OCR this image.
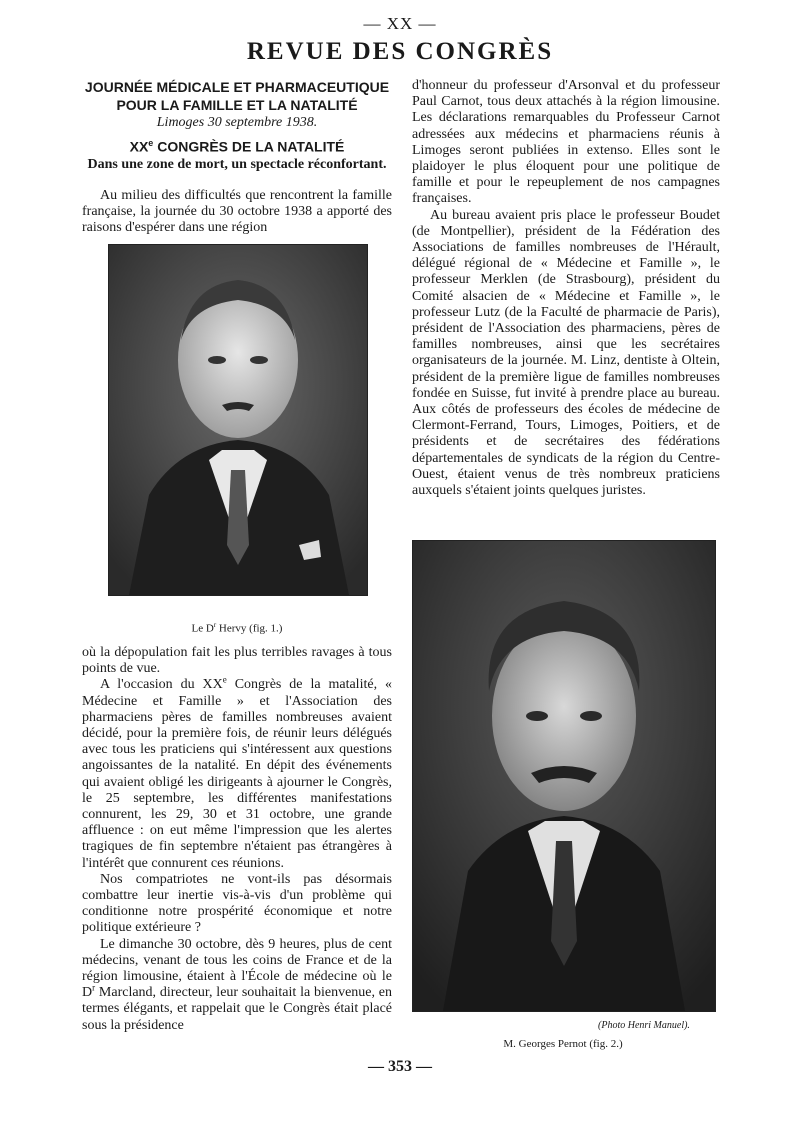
— XX —
REVUE DES CONGRÈS

JOURNÉE MÉDICALE ET PHARMACEUTIQUE

POUR LA FAMILLE ET LA NATALITÉ

Limoges 30 septembre 1938.

XXe CONGRÈS DE LA NATALITÉ

Dans une zone de mort, un spectacle réconfortant.

Au milieu des difficultés que rencontrent la famille française, la journée du 30 octobre 1938 a apporté des raisons d'espérer dans une région

Le $D^r$ Hervy (fig. 1.)

où la dépopulation fait les plus terribles ravages à tous points de vue.

A l'occasion du XXe Congrès de la matalité, « Médecine et Famille » et l'Association des pharmaciens pères de familles nombreuses avaient décidé, pour la première fois, de réunir leurs délégués avec tous les praticiens qui s'intéressent aux questions angoissantes de la natalité. En dépit des événements qui avaient obligé les dirigeants à ajourner le Congrès, le 25 septembre, les différentes manifestations connurent, les 29, 30 et 31 octobre, une grande affluence : on eut même l'impression que les alertes tragiques de fin septembre n'étaient pas étrangères à l'intérêt que connurent ces réunions.

Nos compatriotes ne vont-ils pas désormais combattre leur inertie vis-à-vis d'un problème qui conditionne notre prospérité économique et notre politique extérieure ?

Le dimanche 30 octobre, dès 9 heures, plus de cent médecins, venant de tous les coins de France et de la région limousine, étaient à l'École de médecine où le $D^r$ Marcland, directeur, leur souhaitait la bienvenue, en termes élégants, et rappelait que le Congrès était placé sous la présidence

d'honneur du professeur d'Arsonval et du professeur Paul Carnot, tous deux attachés à la région limousine. Les déclarations remarquables du Professeur Carnot adressées aux médecins et pharmaciens réunis à Limoges seront publiées in extenso. Elles sont le plaidoyer le plus éloquent pour une politique de famille et pour le repeuplement de nos campagnes françaises.

Au bureau avaient pris place le professeur Boudet (de Montpellier), président de la Fédération des Associations de familles nombreuses de l'Hérault, délégué régional de « Médecine et Famille », le professeur Merklen (de Strasbourg), président du Comité alsacien de « Médecine et Famille », le professeur Lutz (de la Faculté de pharmacie de Paris), président de l'Association des pharmaciens, pères de familles nombreuses, ainsi que les secrétaires organisateurs de la journée. M. Linz, dentiste à Oltein, président de la première ligue de familles nombreuses fondée en Suisse, fut invité à prendre place au bureau. Aux côtés de professeurs des écoles de médecine de Clermont-Ferrand, Tours, Limoges, Poitiers, et de présidents et de secrétaires des fédérations départementales de syndicats de la région du Centre-Ouest, étaient venus de très nombreux praticiens auxquels s'étaient joints quelques juristes.

(Photo Henri Manuel).
M. Georges Pernot (fig. 2.)
— 353 —
